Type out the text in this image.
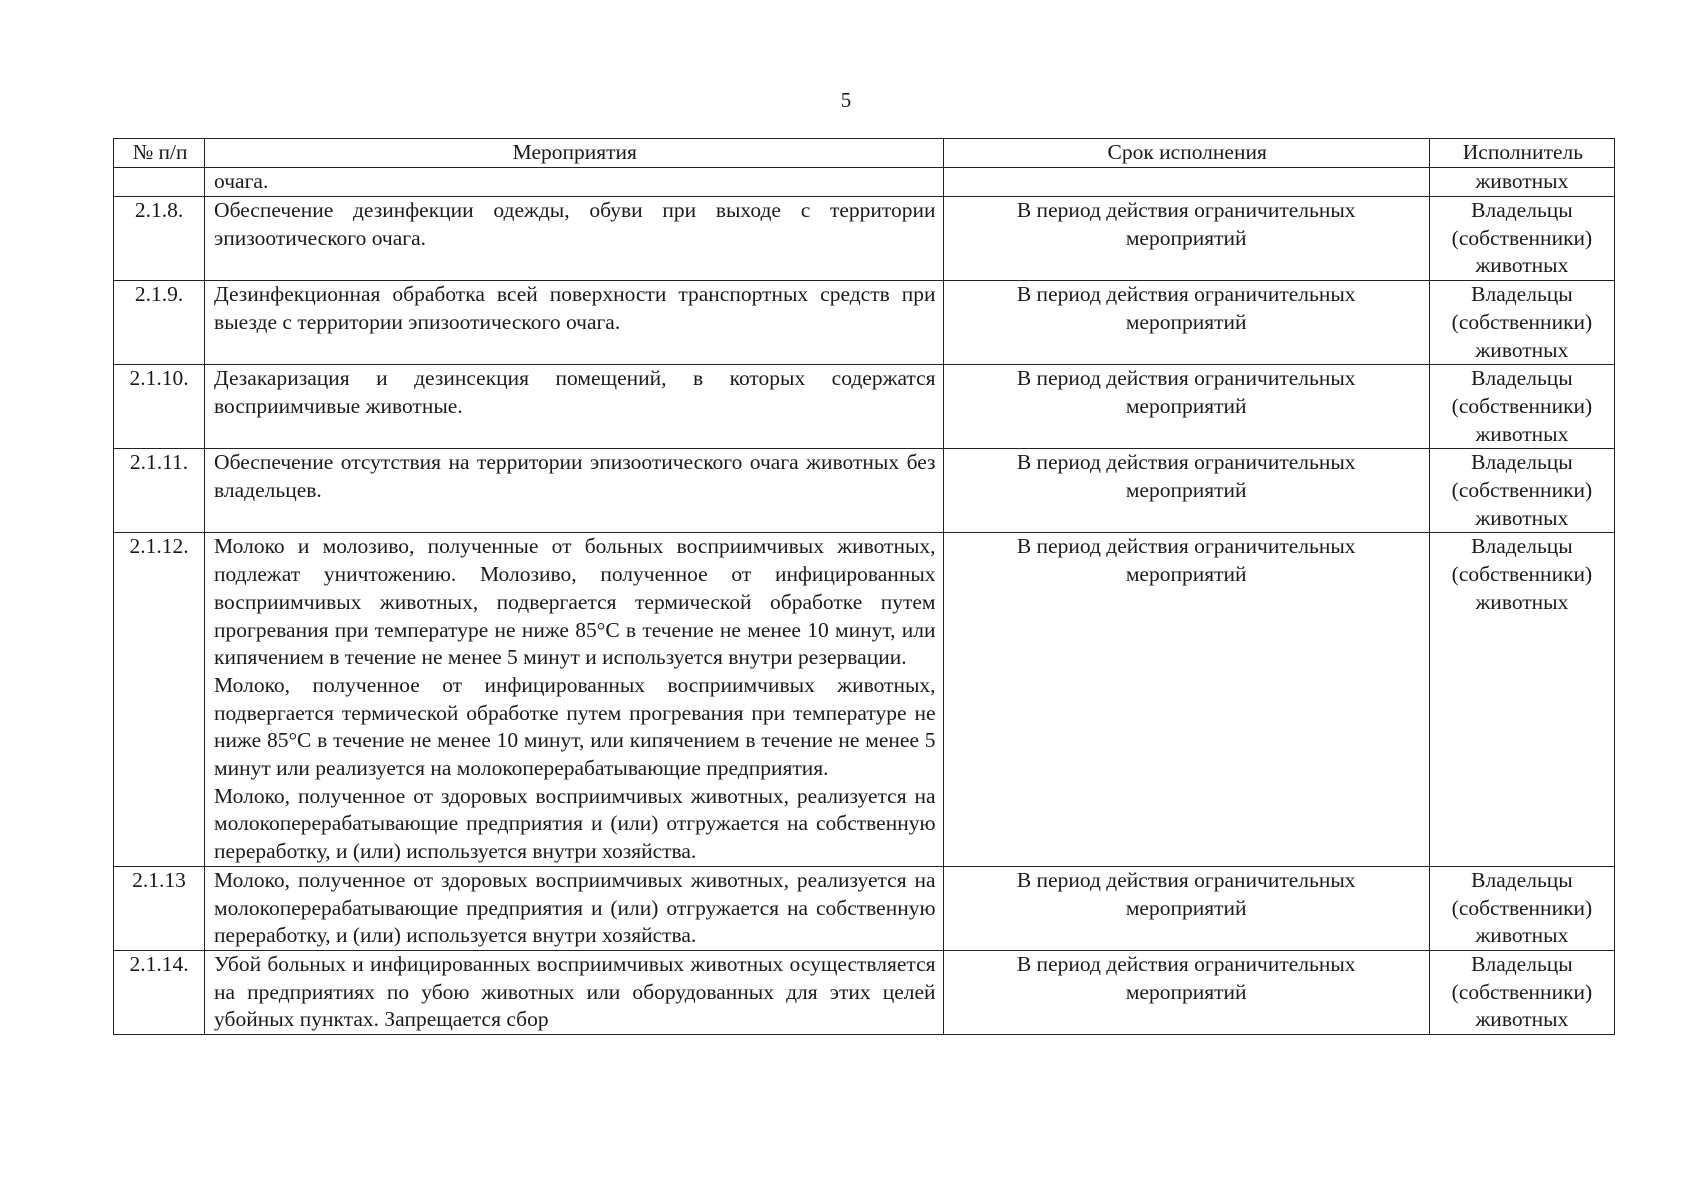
5
№ п/п	Мероприятия	Срок исполнения	Исполнитель
	очага.		животных
2.1.8.	Обеспечение дезинфекции одежды, обуви при выходе с территории эпизоотического очага.	В период действия ограничительных мероприятий	Владельцы (собственники) животных
2.1.9.	Дезинфекционная обработка всей поверхности транспортных средств при выезде с территории эпизоотического очага.	В период действия ограничительных мероприятий	Владельцы (собственники) животных
2.1.10.	Дезакаризация и дезинсекция помещений, в которых содержатся восприимчивые животные.	В период действия ограничительных мероприятий	Владельцы (собственники) животных
2.1.11.	Обеспечение отсутствия на территории эпизоотического очага животных без владельцев.	В период действия ограничительных мероприятий	Владельцы (собственники) животных
2.1.12.	Молоко и молозиво, полученные от больных восприимчивых животных, подлежат уничтожению. Молозиво, полученное от инфицированных восприимчивых животных, подвергается термической обработке путем прогревания при температуре не ниже 85°С в течение не менее 10 минут, или кипячением в течение не менее 5 минут и используется внутри резервации.
Молоко, полученное от инфицированных восприимчивых животных, подвергается термической обработке путем прогревания при температуре не ниже 85°С в течение не менее 10 минут, или кипячением в течение не менее 5 минут или реализуется на молокоперерабатывающие предприятия.
Молоко, полученное от здоровых восприимчивых животных, реализуется на молокоперерабатывающие предприятия и (или) отгружается на собственную переработку, и (или) используется внутри хозяйства.	В период действия ограничительных мероприятий	Владельцы (собственники) животных
2.1.13	Молоко, полученное от здоровых восприимчивых животных, реализуется на молокоперерабатывающие предприятия и (или) отгружается на собственную переработку, и (или) используется внутри хозяйства.	В период действия ограничительных мероприятий	Владельцы (собственники) животных
2.1.14.	Убой больных и инфицированных восприимчивых животных осуществляется на предприятиях по убою животных или оборудованных для этих целей убойных пунктах. Запрещается сбор	В период действия ограничительных мероприятий	Владельцы (собственники) животных
